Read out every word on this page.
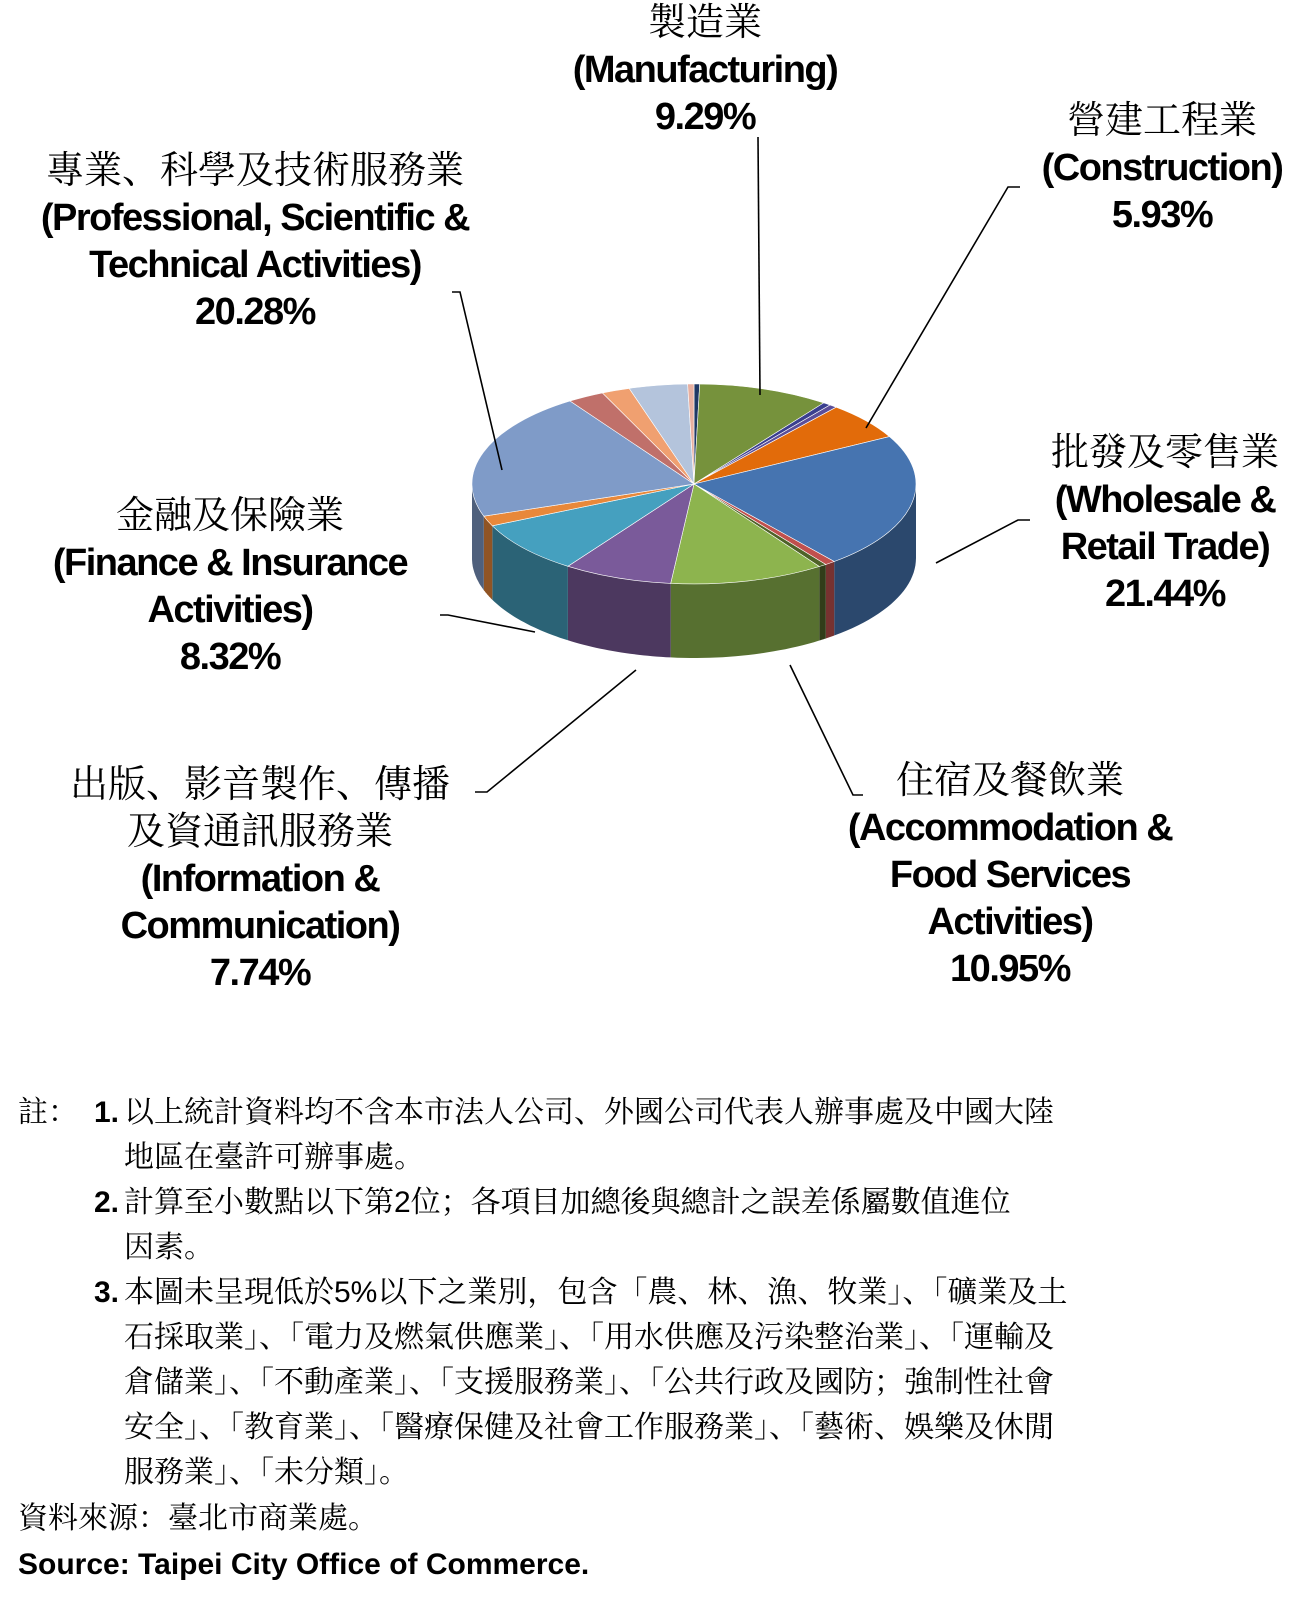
製造業
(Manufacturing)
9.29%	營建工程業
(Construction)
5.93%
批發及零售業
(Wholesale &
Retail Trade)
21.44%
住宿及餐飲業
(Accommodation &
Food Services
Activities)
10.95%
出版、影音製作、傳播
及資通訊服務業
(Information &
Communication)
7.74%
金融及保險業
(Finance & Insurance
Activities)
8.32%
專業、科學及技術服務業
(Professional, Scientific &
Technical Activities)
20.28%
註： 1. 以上統計資料均不含本市法人公司、外國公司代表人辦事處及中國大陸
地區在臺許可辦事處。
2. 計算至小數點以下第2位；各項目加總後與總計之誤差係屬數值進位
因素。
3. 本圖未呈現低於5%以下之業別，包含「農、林、漁、牧業」、「礦業及土
石採取業」、「電力及燃氣供應業」、「用水供應及污染整治業」、「運輸及
倉儲業」、「不動產業」、「支援服務業」、「公共行政及國防；強制性社會
安全」、「教育業」、「醫療保健及社會工作服務業」、「藝術、娛樂及休閒
服務業」、「未分類」。
資料來源：臺北市商業處。
Source: Taipei City Office of Commerce.
